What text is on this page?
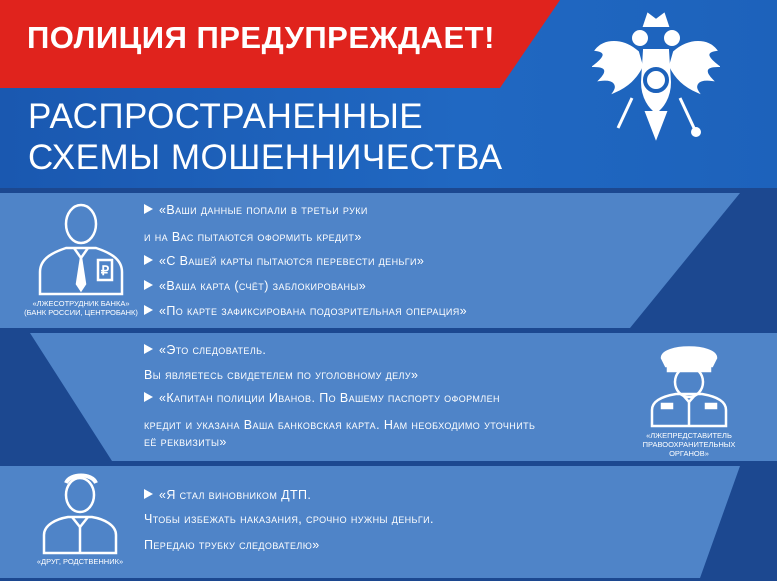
ПОЛИЦИЯ ПРЕДУПРЕЖДАЕТ!
РАСПРОСТРАНЕННЫЕ
СХЕМЫ МОШЕННИЧЕСТВА
₽
«ЛЖЕСОТРУДНИК БАНКА»
(БАНК РОССИИ, ЦЕНТРОБАНК)
«Ваши данные попали в третьи руки
и на Вас пытаются оформить кредит»
«С Вашей карты пытаются перевести деньги»
«Ваша карта (счёт) заблокированы»
«По карте зафиксирована подозрительная операция»
«Это следователь.
Вы являетесь свидетелем по уголовному делу»
«Капитан полиции Иванов. По Вашему паспорту оформлен
кредит и указана Ваша банковская карта. Нам необходимо уточнить
её реквизиты»	«ЛЖЕПРЕДСТАВИТЕЛЬ
ПРАВООХРАНИТЕЛЬНЫХ
ОРГАНОВ»
«ДРУГ, РОДСТВЕННИК»
«Я стал виновником ДТП.
Чтобы избежать наказания, срочно нужны деньги.
Передаю трубку следователю»
